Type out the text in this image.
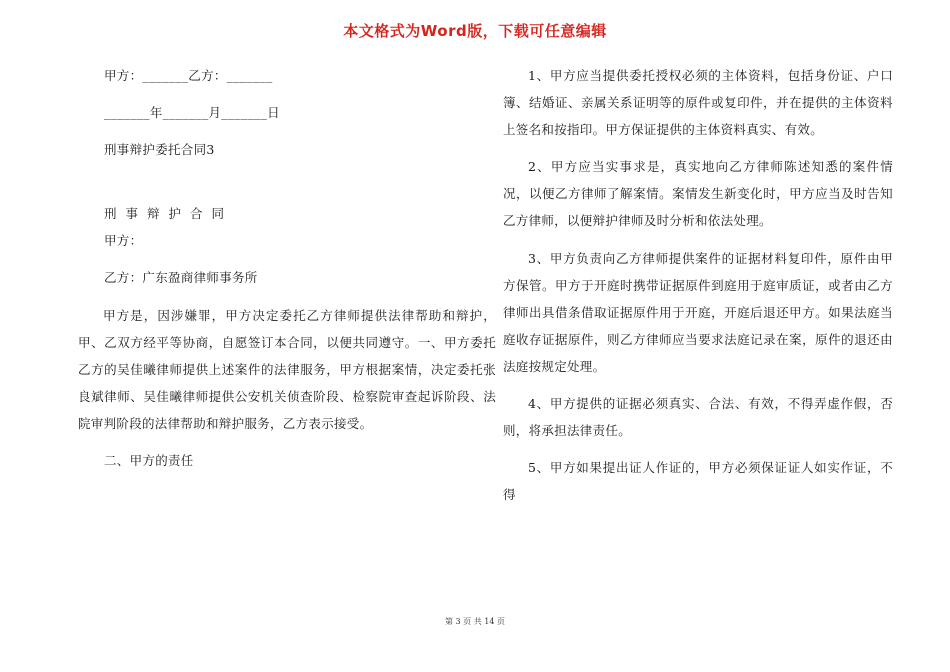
本文格式为Word版，下载可任意编辑

甲方：_______乙方：_______

_______年_______月_______日

刑事辩护委托合同3

刑事辩护合同

甲方：

乙方：广东盈商律师事务所

甲方是，因涉嫌罪，甲方决定委托乙方律师提供法律帮助和辩护，甲、乙双方经平等协商，自愿签订本合同，以便共同遵守。一、甲方委托乙方的吴佳曦律师提供上述案件的法律服务，甲方根据案情，决定委托张良斌律师、吴佳曦律师提供公安机关侦查阶段、检察院审查起诉阶段、法院审判阶段的法律帮助和辩护服务，乙方表示接受。

二、甲方的责任

1、甲方应当提供委托授权必须的主体资料，包括身份证、户口簿、结婚证、亲属关系证明等的原件或复印件，并在提供的主体资料上签名和按指印。甲方保证提供的主体资料真实、有效。

2、甲方应当实事求是，真实地向乙方律师陈述知悉的案件情况，以便乙方律师了解案情。案情发生新变化时，甲方应当及时告知乙方律师，以便辩护律师及时分析和依法处理。

3、甲方负责向乙方律师提供案件的证据材料复印件，原件由甲方保管。甲方于开庭时携带证据原件到庭用于庭审质证，或者由乙方律师出具借条借取证据原件用于开庭，开庭后退还甲方。如果法庭当庭收存证据原件，则乙方律师应当要求法庭记录在案，原件的退还由法庭按规定处理。

4、甲方提供的证据必须真实、合法、有效，不得弄虚作假，否则，将承担法律责任。

5、甲方如果提出证人作证的，甲方必须保证证人如实作证，不得

第 3 页 共 14 页
